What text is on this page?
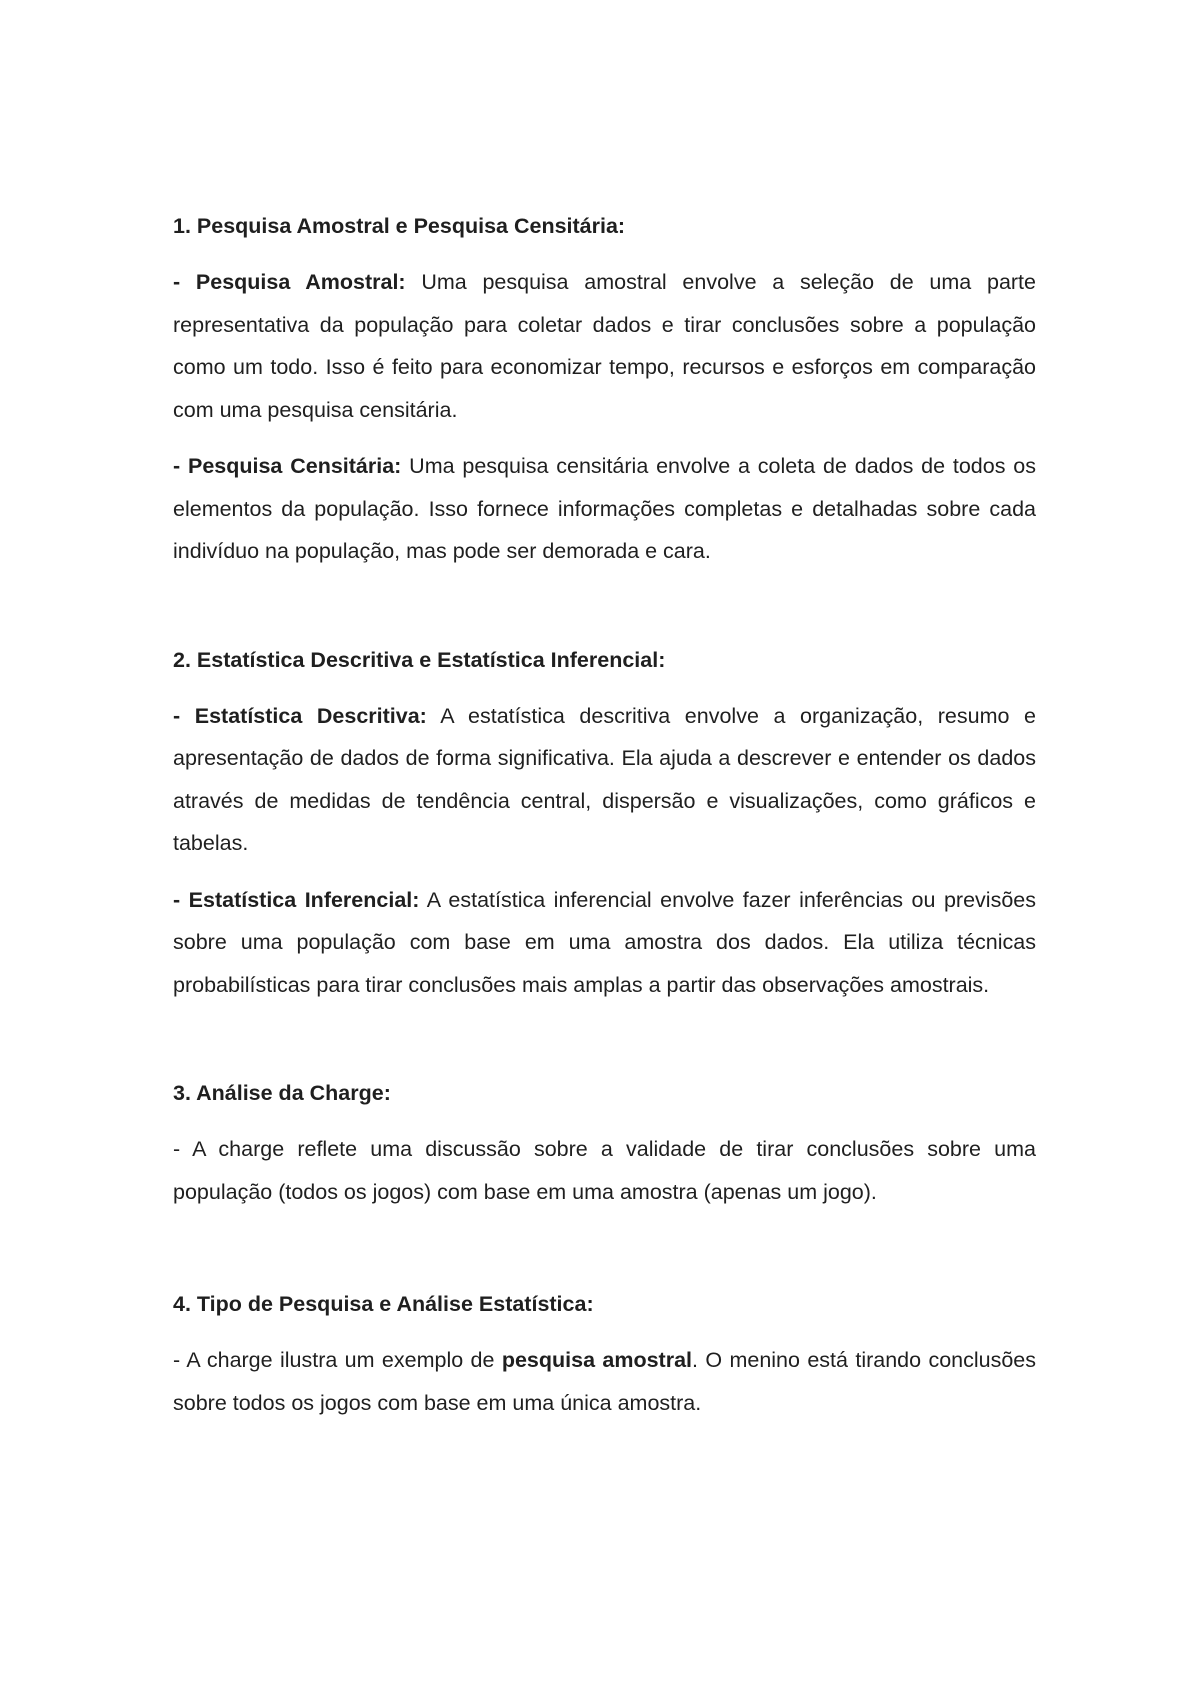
1. Pesquisa Amostral e Pesquisa Censitária:

- Pesquisa Amostral: Uma pesquisa amostral envolve a seleção de uma parte representativa da população para coletar dados e tirar conclusões sobre a população como um todo. Isso é feito para economizar tempo, recursos e esforços em comparação com uma pesquisa censitária.

- Pesquisa Censitária: Uma pesquisa censitária envolve a coleta de dados de todos os elementos da população. Isso fornece informações completas e detalhadas sobre cada indivíduo na população, mas pode ser demorada e cara.

2. Estatística Descritiva e Estatística Inferencial:

- Estatística Descritiva: A estatística descritiva envolve a organização, resumo e apresentação de dados de forma significativa. Ela ajuda a descrever e entender os dados através de medidas de tendência central, dispersão e visualizações, como gráficos e tabelas.

- Estatística Inferencial: A estatística inferencial envolve fazer inferências ou previsões sobre uma população com base em uma amostra dos dados. Ela utiliza técnicas probabilísticas para tirar conclusões mais amplas a partir das observações amostrais.

3. Análise da Charge:

- A charge reflete uma discussão sobre a validade de tirar conclusões sobre uma população (todos os jogos) com base em uma amostra (apenas um jogo).

4. Tipo de Pesquisa e Análise Estatística:

- A charge ilustra um exemplo de pesquisa amostral. O menino está tirando conclusões sobre todos os jogos com base em uma única amostra.
